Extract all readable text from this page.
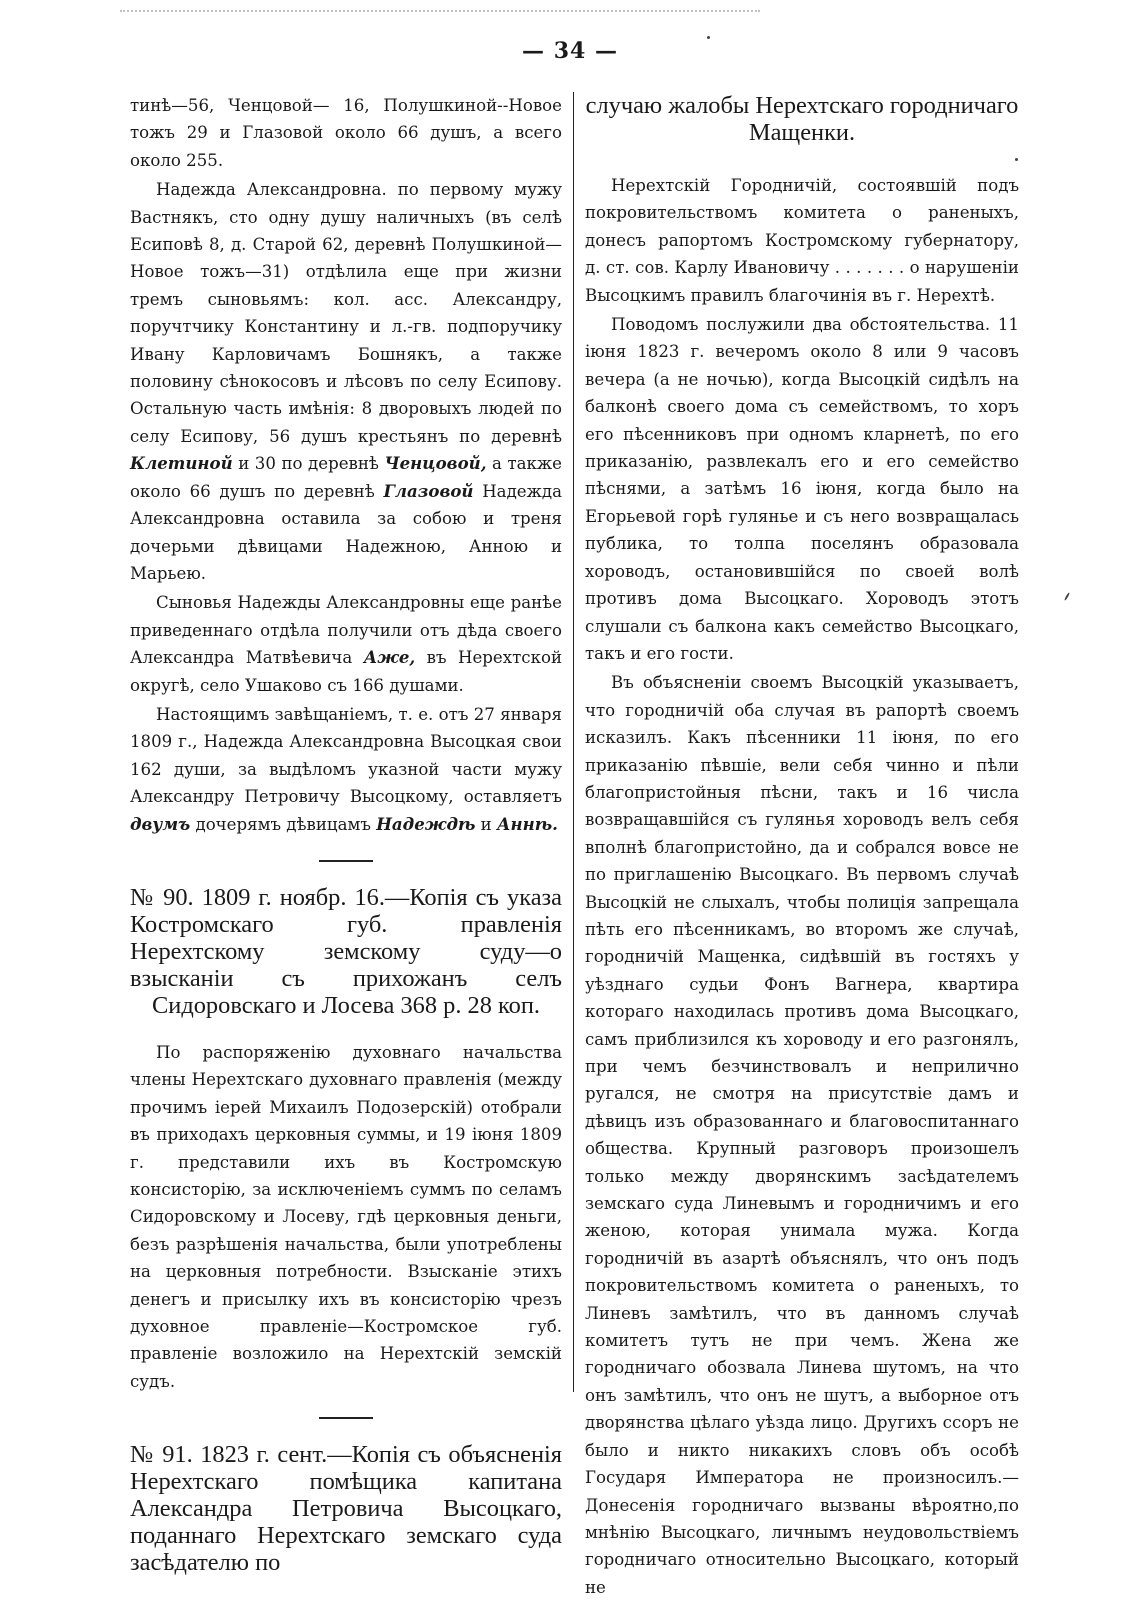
— 34 —

тинѣ—56, Ченцовой— 16, Полушкиной--Новое тожъ 29 и Глазовой около 66 душъ, а всего около 255.

Надежда Александровна. по первому мужу Вастнякъ, сто одну душу наличныхъ (въ селѣ Есиповѣ 8, д. Старой 62, деревнѣ Полушкиной—Новое тожъ—31) отдѣлила еще при жизни тремъ сыновьямъ: кол. асс. Александру, поручтчику Константину и л.-гв. подпоручику Ивану Карловичамъ Бошнякъ, а также половину сѣнокосовъ и лѣсовъ по селу Есипову. Остальную часть имѣнія: 8 дворовыхъ людей по селу Есипову, 56 душъ крестьянъ по деревнѣ Клетиной и 30 по деревнѣ Ченцовой, а также около 66 душъ по деревнѣ Глазовой Надежда Александровна оставила за собою и треня дочерьми дѣвицами Надежною, Анною и Марьею.

Сыновья Надежды Александровны еще ранѣе приведеннаго отдѣла получили отъ дѣда своего Александра Матвѣевича Аже, въ Нерехтской округѣ, село Ушаково съ 166 душами.

Настоящимъ завѣщаніемъ, т. е. отъ 27 января 1809 г., Надежда Александровна Высоцкая свои 162 души, за выдѣломъ указной части мужу Александру Петровичу Высоцкому, оставляетъ двумъ дочерямъ дѣвицамъ Надеждѣ и Аннѣ.

№ 90. 1809 г. ноябр. 16.—Копія съ указа Костромскаго губ. правленія Нерехтскому земскому суду—о взысканіи съ прихожанъ селъ Сидоровскаго и Лосева 368 р. 28 коп.

По распоряженію духовнаго начальства члены Нерехтскаго духовнаго правленія (между прочимъ іерей Михаилъ Подозерскій) отобрали въ приходахъ церковныя суммы, и 19 іюня 1809 г. представили ихъ въ Костромскую консисторію, за исключеніемъ суммъ по селамъ Сидоровскому и Лосеву, гдѣ церковныя деньги, безъ разрѣшенія начальства, были употреблены на церковныя потребности. Взысканіе этихъ денегъ и присылку ихъ въ консисторію чрезъ духовное правленіе—Костромское губ. правленіе возложило на Нерехтскій земскій судъ.

№ 91. 1823 г. сент.—Копія съ объясненія Нерехтскаго помѣщика капитана Александра Петровича Высоцкаго, поданнаго Нерехтскаго земскаго суда засѣдателю по
случаю жалобы Нерехтскаго городничаго Мащенки.

Нерехтскій Городничій, состоявшій подъ покровительствомъ комитета о раненыхъ, донесъ рапортомъ Костромскому губернатору, д. ст. сов. Карлу Ивановичу . . . . . . . о нарушеніи Высоцкимъ правилъ благочинія въ г. Нерехтѣ.

Поводомъ послужили два обстоятельства. 11 іюня 1823 г. вечеромъ около 8 или 9 часовъ вечера (а не ночью), когда Высоцкій сидѣлъ на балконѣ своего дома съ семействомъ, то хоръ его пѣсенниковъ при одномъ кларнетѣ, по его приказанію, развлекалъ его и его семейство пѣснями, а затѣмъ 16 іюня, когда было на Егорьевой горѣ гулянье и съ него возвращалась публика, то толпа поселянъ образовала хороводъ, остановившійся по своей волѣ противъ дома Высоцкаго. Хороводъ этотъ слушали съ балкона какъ семейство Высоцкаго, такъ и его гости.

Въ объясненіи своемъ Высоцкій указываетъ, что городничій оба случая въ рапортѣ своемъ исказилъ. Какъ пѣсенники 11 іюня, по его приказанію пѣвшіе, вели себя чинно и пѣли благопристойныя пѣсни, такъ и 16 числа возвращавшійся съ гулянья хороводъ велъ себя вполнѣ благопристойно, да и собрался вовсе не по приглашенію Высоцкаго. Въ первомъ случаѣ Высоцкій не слыхалъ, чтобы полиція запрещала пѣть его пѣсенникамъ, во второмъ же случаѣ, городничій Мащенка, сидѣвшій въ гостяхъ у уѣзднаго судьи Фонъ Вагнера, квартира котораго находилась противъ дома Высоцкаго, самъ приблизился къ хороводу и его разгонялъ, при чемъ безчинствовалъ и неприлично ругался, не смотря на присутствіе дамъ и дѣвицъ изъ образованнаго и благовоспитаннаго общества. Крупный разговоръ произошелъ только между дворянскимъ засѣдателемъ земскаго суда Линевымъ и городничимъ и его женою, которая унимала мужа. Когда городничій въ азартѣ объяснялъ, что онъ подъ покровительствомъ комитета о раненыхъ, то Линевъ замѣтилъ, что въ данномъ случаѣ комитетъ тутъ не при чемъ. Жена же городничаго обозвала Линева шутомъ, на что онъ замѣтилъ, что онъ не шутъ, а выборное отъ дворянства цѣлаго уѣзда лицо. Другихъ ссоръ не было и никто никакихъ словъ объ особѣ Государя Императора не произносилъ.—Донесенія городничаго вызваны вѣроятно,по мнѣнію Высоцкаго, личнымъ неудовольствіемъ городничаго относительно Высоцкаго, который не
